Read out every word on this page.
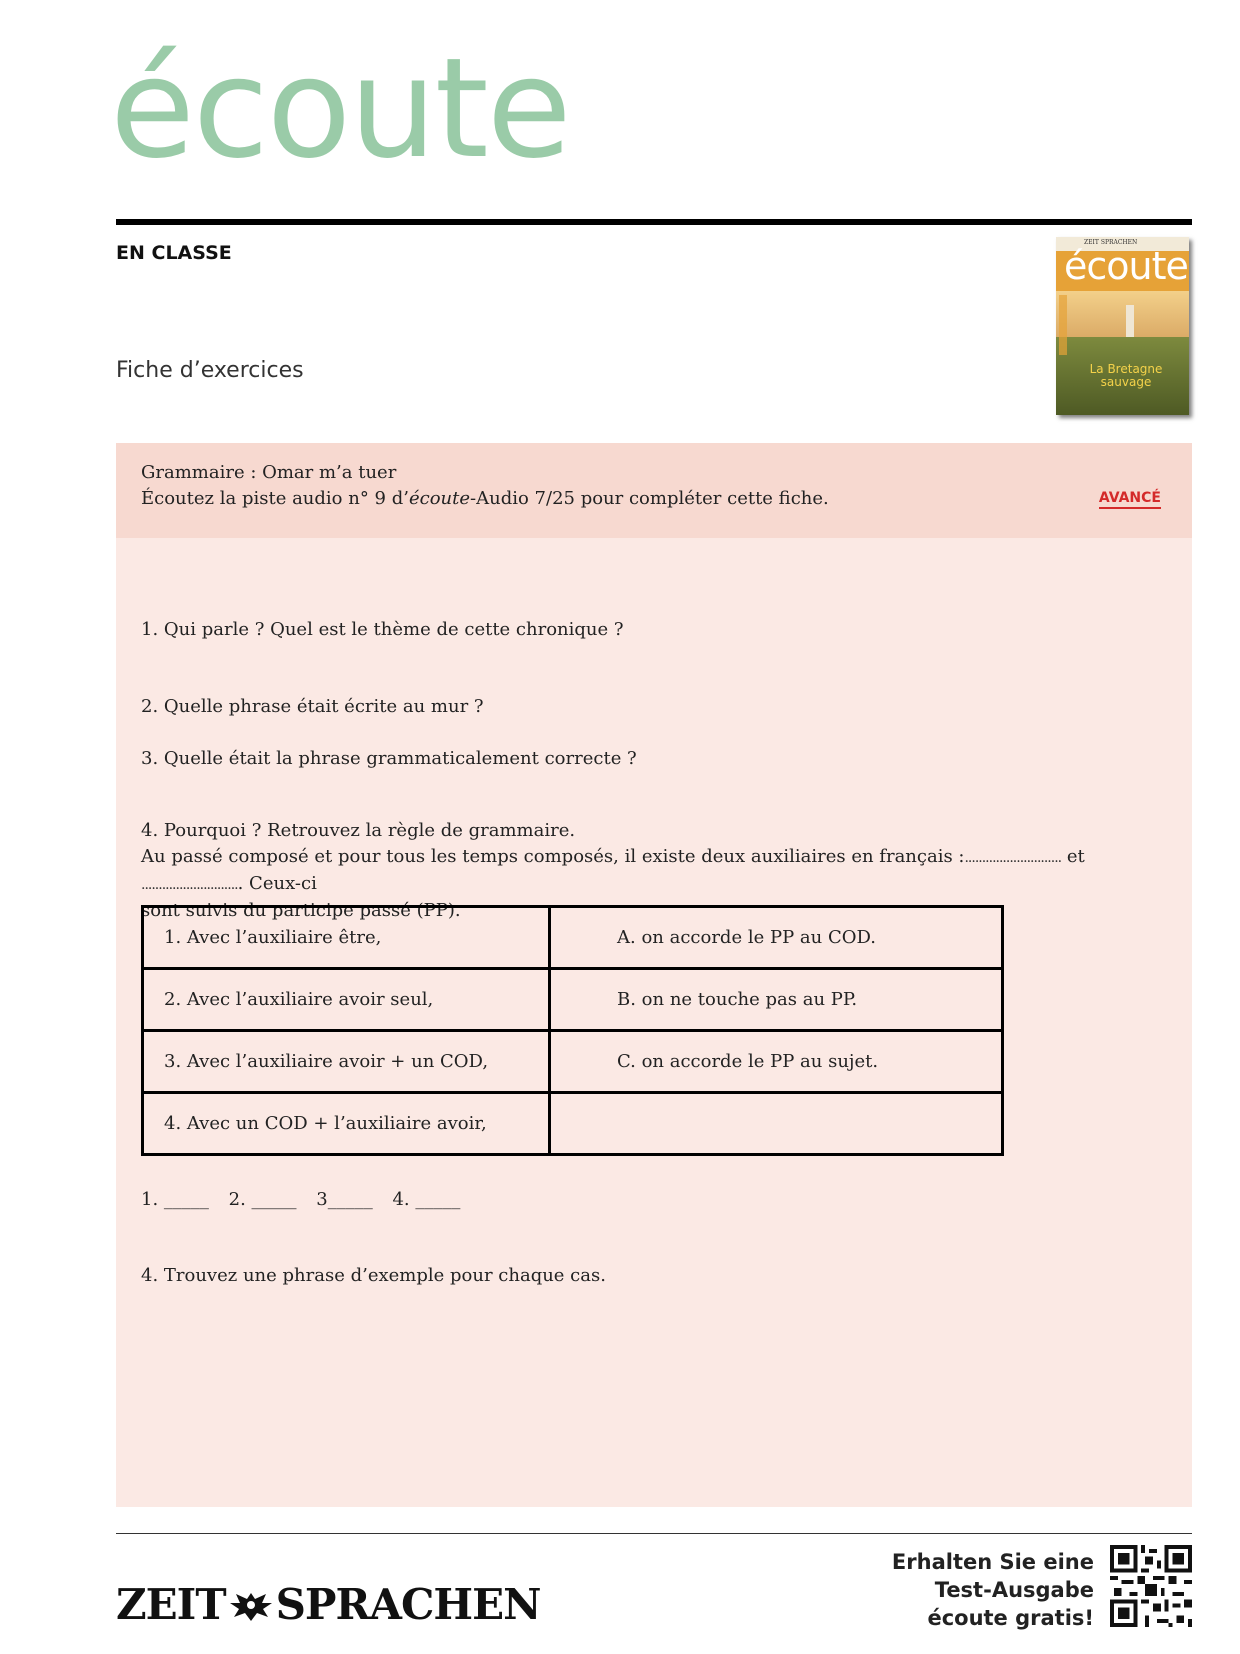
écoute
EN CLASSE
Fiche d’exercices
ZEIT SPRACHEN
écoute
La Bretagne sauvage
Grammaire : Omar m’a tuer
Écoutez la piste audio n° 9 d’écoute-Audio 7/25 pour compléter cette fiche.	AVANCÉ
1. Qui parle ? Quel est le thème de cette chronique ?
2. Quelle phrase était écrite au mur ?
3. Quelle était la phrase grammaticalement correcte ?
4. Pourquoi ? Retrouvez la règle de grammaire.
Au passé composé et pour tous les temps composés, il existe deux auxiliaires en français :............................ et ............................. Ceux-ci
sont suivis du participe passé (PP).
1. Avec l’auxiliaire être,	A. on accorde le PP au COD.
2. Avec l’auxiliaire avoir seul,	B. on ne touche pas au PP.
3. Avec l’auxiliaire avoir + un COD,	C. on accorde le PP au sujet.
4. Avec un COD + l’auxiliaire avoir,	
1. _____ 2. _____ 3_____ 4. _____
4. Trouvez une phrase d’exemple pour chaque cas.
ZEIT SPRACHEN
Erhalten Sie eine
Test-Ausgabe
écoute gratis!
